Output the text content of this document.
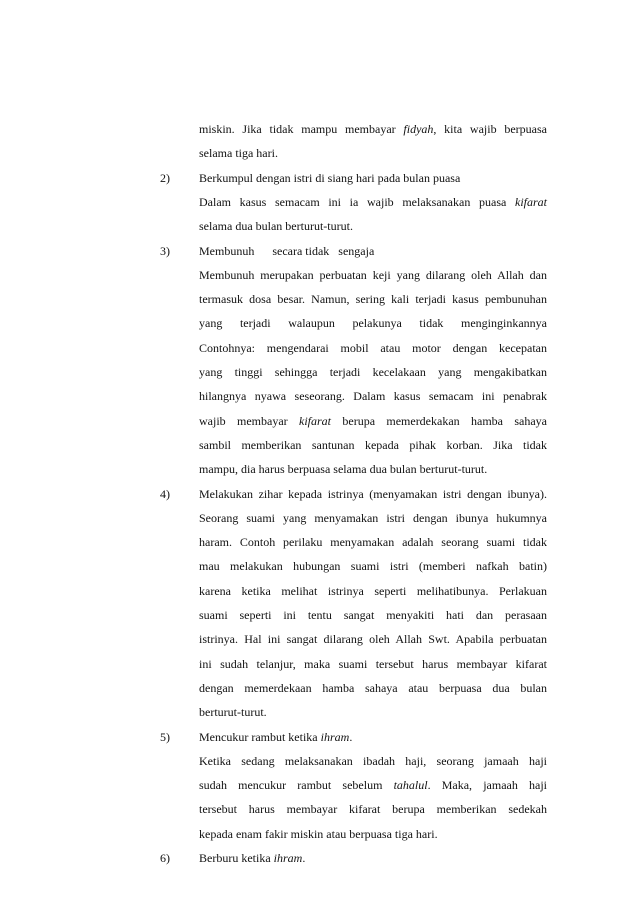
miskin. Jika tidak mampu membayar fidyah, kita wajib berpuasa
selama tiga hari.
2) Berkumpul dengan istri di siang hari pada bulan puasa
Dalam kasus semacam ini ia wajib melaksanakan puasa kifarat
selama dua bulan berturut-turut.
3) Membunuh      secara tidak   sengaja
Membunuh merupakan perbuatan keji yang dilarang oleh Allah dan
termasuk dosa besar. Namun, sering kali terjadi kasus pembunuhan
yang terjadi walaupun pelakunya tidak menginginkannya
Contohnya: mengendarai mobil atau motor dengan kecepatan
yang tinggi sehingga terjadi kecelakaan yang mengakibatkan
hilangnya nyawa seseorang. Dalam kasus semacam ini penabrak
wajib membayar kifarat berupa memerdekakan hamba sahaya
sambil memberikan santunan kepada pihak korban. Jika tidak
mampu, dia harus berpuasa selama dua bulan berturut-turut.
4) Melakukan zihar kepada istrinya (menyamakan istri dengan ibunya).
Seorang suami yang menyamakan istri dengan ibunya hukumnya
haram. Contoh perilaku menyamakan adalah seorang suami tidak
mau melakukan hubungan suami istri (memberi nafkah batin)
karena ketika melihat istrinya seperti melihatibunya. Perlakuan
suami seperti ini tentu sangat menyakiti hati dan perasaan
istrinya. Hal ini sangat dilarang oleh Allah Swt. Apabila perbuatan
ini sudah telanjur, maka suami tersebut harus membayar kifarat
dengan memerdekaan hamba sahaya atau berpuasa dua bulan
berturut-turut.
5) Mencukur rambut ketika ihram.
Ketika sedang melaksanakan ibadah haji, seorang jamaah haji
sudah mencukur rambut sebelum tahalul. Maka, jamaah haji
tersebut harus membayar kifarat berupa memberikan sedekah
kepada enam fakir miskin atau berpuasa tiga hari.
6) Berburu ketika ihram.
